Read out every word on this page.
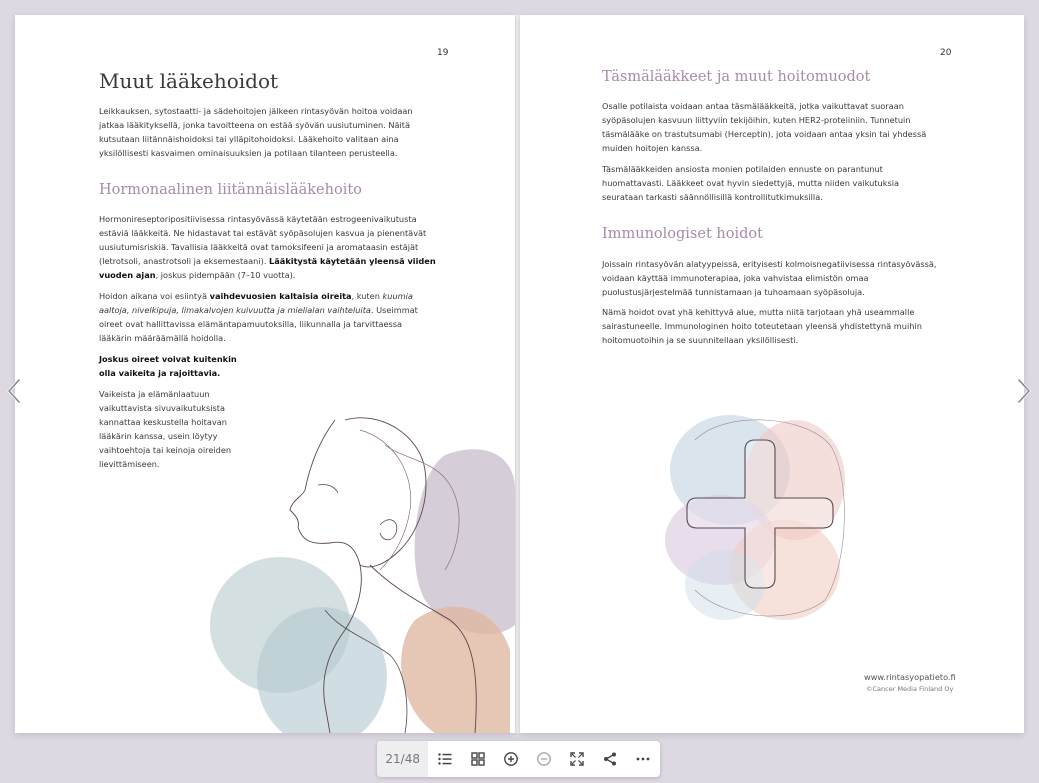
19
Muut lääkehoidot

Leikkauksen, sytostaatti- ja sädehoitojen jälkeen rintasyövän hoitoa voidaan jatkaa lääkityksellä, jonka tavoitteena on estää syövän uusiutuminen. Näitä kutsutaan liitännäishoidoksi tai ylläpitohoidoksi. Lääkehoito valitaan aina yksilöllisesti kasvaimen ominaisuuksien ja potilaan tilanteen perusteella.

Hormonaalinen liitännäislääkehoito

Hormonireseptoripositiivisessa rintasyövässä käytetään estrogeenivaikutusta estäviä lääkkeitä. Ne hidastavat tai estävät syöpäsolujen kasvua ja pienentävät uusiutumisriskiä. Tavallisia lääkkeitä ovat tamoksifeeni ja aromataasin estäjät (letrotsoli, anastrotsoli ja eksemestaani). Lääkitystä käytetään yleensä viiden vuoden ajan, joskus pidempään (7–10 vuotta).

Hoidon aikana voi esiintyä vaihdevuosien kaltaisia oireita, kuten kuumia aaltoja, nivelkipuja, limakalvojen kuivuutta ja mielialan vaihteluita. Useimmat oireet ovat hallittavissa elämäntapamuutoksilla, liikunnalla ja tarvittaessa lääkärin määräämällä hoidolla.

Joskus oireet voivat kuitenkin olla vaikeita ja rajoittavia.

Vaikeista ja elämänlaatuun vaikuttavista sivuvaikutuksista kannattaa keskustella hoitavan lääkärin kanssa, usein löytyy vaihtoehtoja tai keinoja oireiden lievittämiseen.

20
Täsmälääkkeet ja muut hoitomuodot

Osalle potilaista voidaan antaa täsmälääkkeitä, jotka vaikuttavat suoraan syöpäsolujen kasvuun liittyviin tekijöihin, kuten HER2-proteiiniin. Tunnetuin täsmälääke on trastutsumabi (Herceptin), jota voidaan antaa yksin tai yhdessä muiden hoitojen kanssa.

Täsmälääkkeiden ansiosta monien potilaiden ennuste on parantunut huomattavasti. Lääkkeet ovat hyvin siedettyjä, mutta niiden vaikutuksia seurataan tarkasti säännöllisillä kontrollitutkimuksilla.

Immunologiset hoidot

Joissain rintasyövän alatyypeissä, erityisesti kolmoisnegatiivisessa rintasyövässä, voidaan käyttää immunoterapiaa, joka vahvistaa elimistön omaa puolustusjärjestelmää tunnistamaan ja tuhoamaan syöpäsoluja.

Nämä hoidot ovat yhä kehittyvä alue, mutta niitä tarjotaan yhä useammalle sairastuneelle. Immunologinen hoito toteutetaan yleensä yhdistettynä muihin hoitomuotoihin ja se suunnitellaan yksilöllisesti.

www.rintasyopatieto.fi
©Cancer Media Finland Oy
21/48
